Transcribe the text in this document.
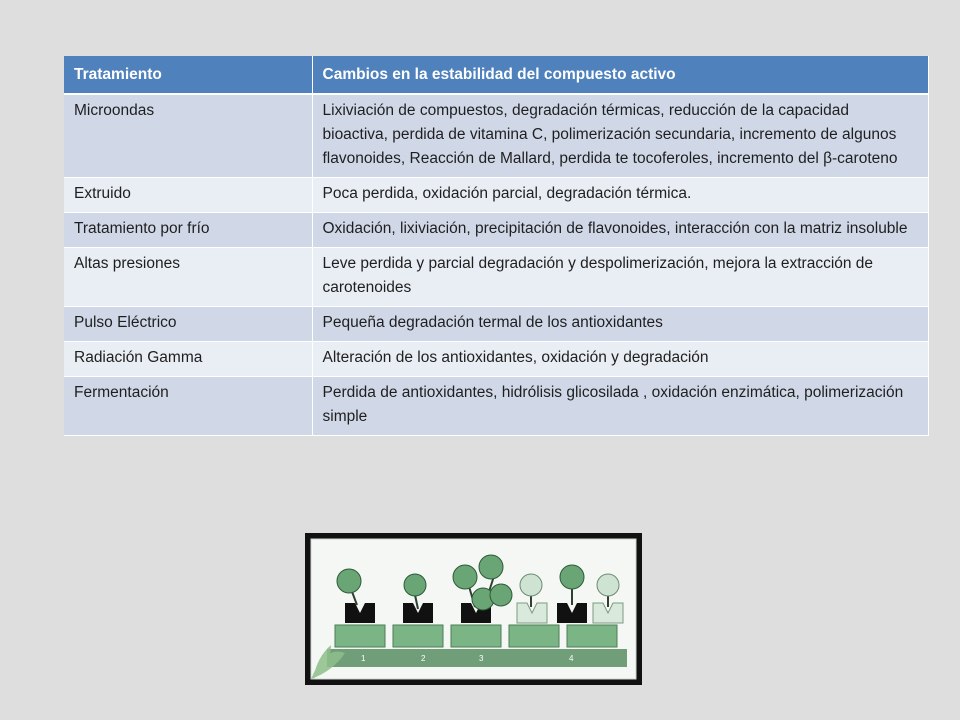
Tratamiento	Cambios en la estabilidad del compuesto activo
Microondas	Lixiviación de compuestos, degradación térmicas, reducción de la capacidad bioactiva, perdida de vitamina C, polimerización secundaria, incremento de algunos flavonoides, Reacción de Mallard, perdida te tocoferoles, incremento del β-caroteno
Extruido	Poca perdida, oxidación parcial, degradación térmica.
Tratamiento por frío	Oxidación, lixiviación, precipitación de flavonoides, interacción con la matriz insoluble
Altas presiones	Leve perdida y parcial degradación y despolimerización, mejora la extracción de carotenoides
Pulso Eléctrico	Pequeña degradación termal de los antioxidantes
Radiación Gamma	Alteración de los antioxidantes, oxidación y degradación
Fermentación	Perdida de antioxidantes, hidrólisis glicosilada , oxidación enzimática, polimerización simple
1	2	3	4
